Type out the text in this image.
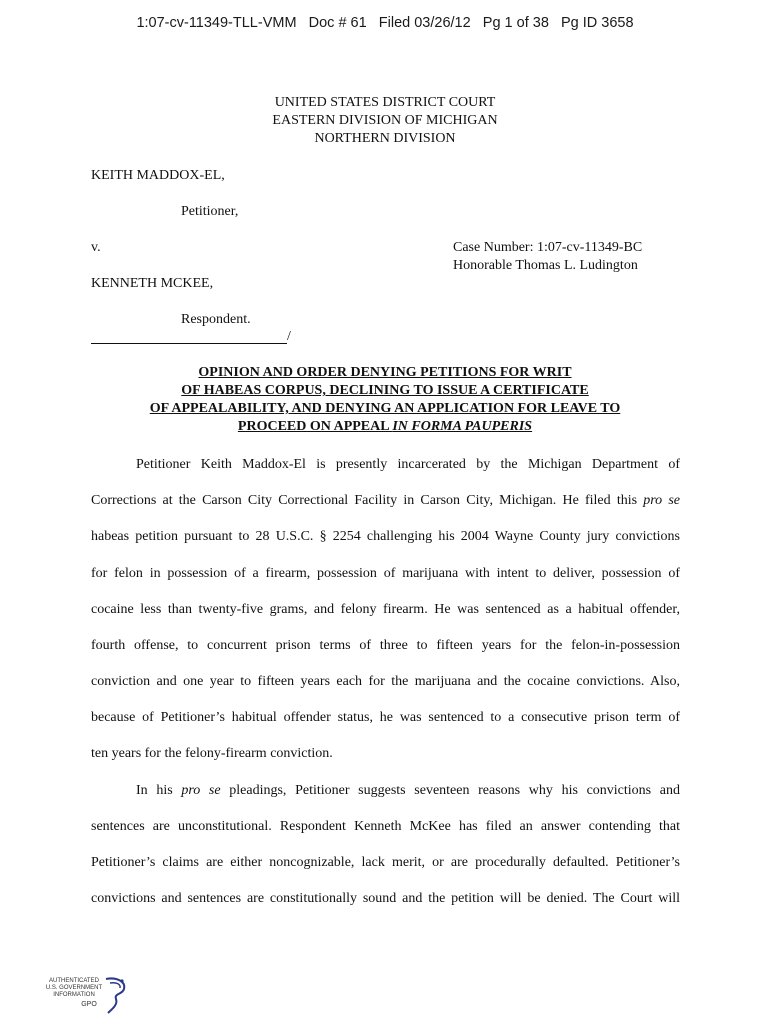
1:07-cv-11349-TLL-VMM Doc # 61 Filed 03/26/12 Pg 1 of 38 Pg ID 3658
UNITED STATES DISTRICT COURT
EASTERN DIVISION OF MICHIGAN
NORTHERN DIVISION
KEITH MADDOX-EL,
Petitioner,
v.	Case Number: 1:07-cv-11349-BC
Honorable Thomas L. Ludington
KENNETH MCKEE,
Respondent.
/
OPINION AND ORDER DENYING PETITIONS FOR WRIT
OF HABEAS CORPUS, DECLINING TO ISSUE A CERTIFICATE
OF APPEALABILITY, AND DENYING AN APPLICATION FOR LEAVE TO
PROCEED ON APPEAL IN FORMA PAUPERIS
Petitioner Keith Maddox-El is presently incarcerated by the Michigan Department of
Corrections at the Carson City Correctional Facility in Carson City, Michigan. He filed this pro se
habeas petition pursuant to 28 U.S.C. § 2254 challenging his 2004 Wayne County jury convictions
for felon in possession of a firearm, possession of marijuana with intent to deliver, possession of
cocaine less than twenty-five grams, and felony firearm. He was sentenced as a habitual offender,
fourth offense, to concurrent prison terms of three to fifteen years for the felon-in-possession
conviction and one year to fifteen years each for the marijuana and the cocaine convictions. Also,
because of Petitioner’s habitual offender status, he was sentenced to a consecutive prison term of
ten years for the felony-firearm conviction.
In his pro se pleadings, Petitioner suggests seventeen reasons why his convictions and
sentences are unconstitutional. Respondent Kenneth McKee has filed an answer contending that
Petitioner’s claims are either noncognizable, lack merit, or are procedurally defaulted. Petitioner’s
convictions and sentences are constitutionally sound and the petition will be denied. The Court will
AUTHENTICATED
U.S. GOVERNMENT
INFORMATION
GPO
